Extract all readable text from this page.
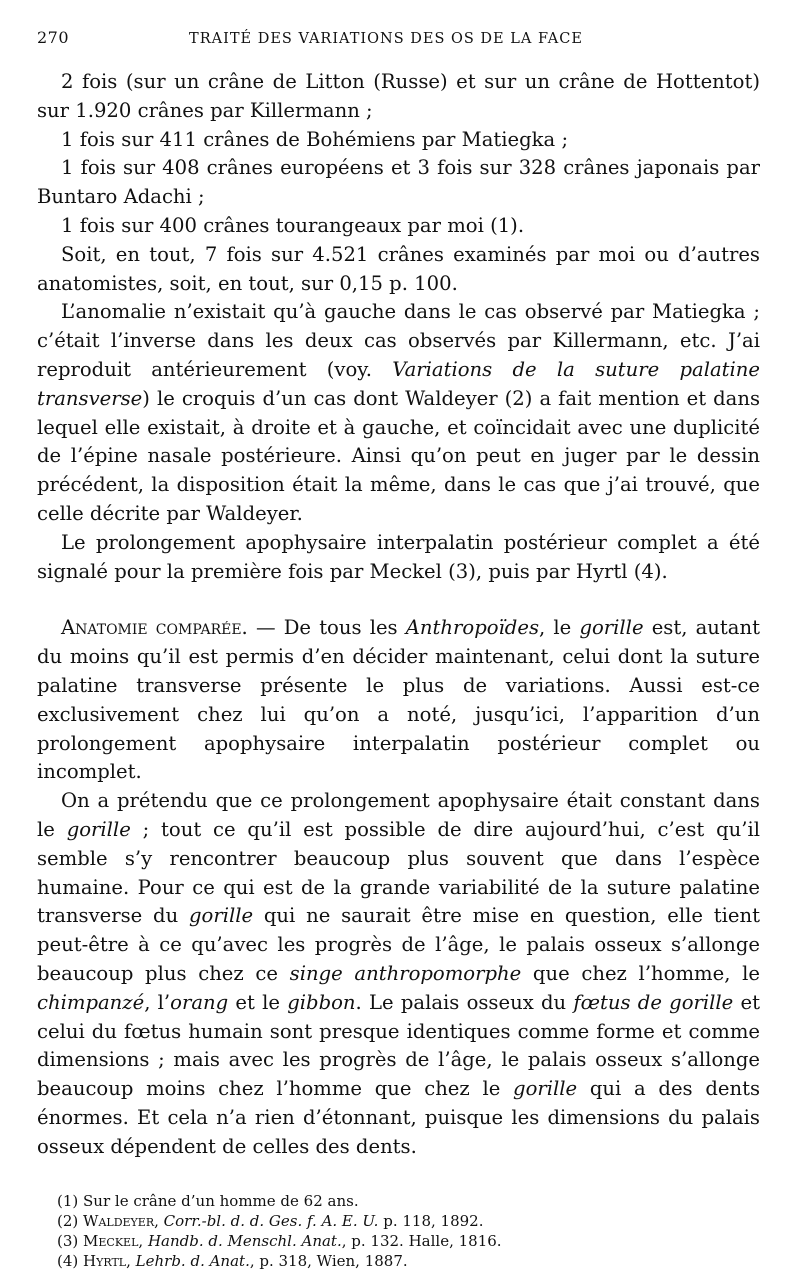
270	TRAITÉ DES VARIATIONS DES OS DE LA FACE

2 fois (sur un crâne de Litton (Russe) et sur un crâne de Hottentot) sur 1.920 crânes par Killermann ;

1 fois sur 411 crânes de Bohémiens par Matiegka ;

1 fois sur 408 crânes européens et 3 fois sur 328 crânes japonais par Buntaro Adachi ;

1 fois sur 400 crânes tourangeaux par moi (1).

Soit, en tout, 7 fois sur 4.521 crânes examinés par moi ou d’autres anatomistes, soit, en tout, sur 0,15 p. 100.

L’anomalie n’existait qu’à gauche dans le cas observé par Matiegka ; c’était l’inverse dans les deux cas observés par Killermann, etc. J’ai reproduit antérieurement (voy. Variations de la suture palatine transverse) le croquis d’un cas dont Waldeyer (2) a fait mention et dans lequel elle existait, à droite et à gauche, et coïncidait avec une duplicité de l’épine nasale postérieure. Ainsi qu’on peut en juger par le dessin précédent, la disposition était la même, dans le cas que j’ai trouvé, que celle décrite par Waldeyer.

Le prolongement apophysaire interpalatin postérieur complet a été signalé pour la première fois par Meckel (3), puis par Hyrtl (4).

Anatomie comparée. — De tous les Anthropoïdes, le gorille est, autant du moins qu’il est permis d’en décider maintenant, celui dont la suture palatine transverse présente le plus de variations. Aussi est-ce exclusivement chez lui qu’on a noté, jusqu’ici, l’apparition d’un prolongement apophysaire interpalatin postérieur complet ou incomplet.

On a prétendu que ce prolongement apophysaire était constant dans le gorille ; tout ce qu’il est possible de dire aujourd’hui, c’est qu’il semble s’y rencontrer beaucoup plus souvent que dans l’espèce humaine. Pour ce qui est de la grande variabilité de la suture palatine transverse du gorille qui ne saurait être mise en question, elle tient peut-être à ce qu’avec les progrès de l’âge, le palais osseux s’allonge beaucoup plus chez ce singe anthropomorphe que chez l’homme, le chimpanzé, l’orang et le gibbon. Le palais osseux du fœtus de gorille et celui du fœtus humain sont presque identiques comme forme et comme dimensions ; mais avec les progrès de l’âge, le palais osseux s’allonge beaucoup moins chez l’homme que chez le gorille qui a des dents énormes. Et cela n’a rien d’étonnant, puisque les dimensions du palais osseux dépendent de celles des dents.

(1) Sur le crâne d’un homme de 62 ans.

(2) Waldeyer, Corr.-bl. d. d. Ges. f. A. E. U. p. 118, 1892.

(3) Meckel, Handb. d. Menschl. Anat., p. 132. Halle, 1816.

(4) Hyrtl, Lehrb. d. Anat., p. 318, Wien, 1887.
